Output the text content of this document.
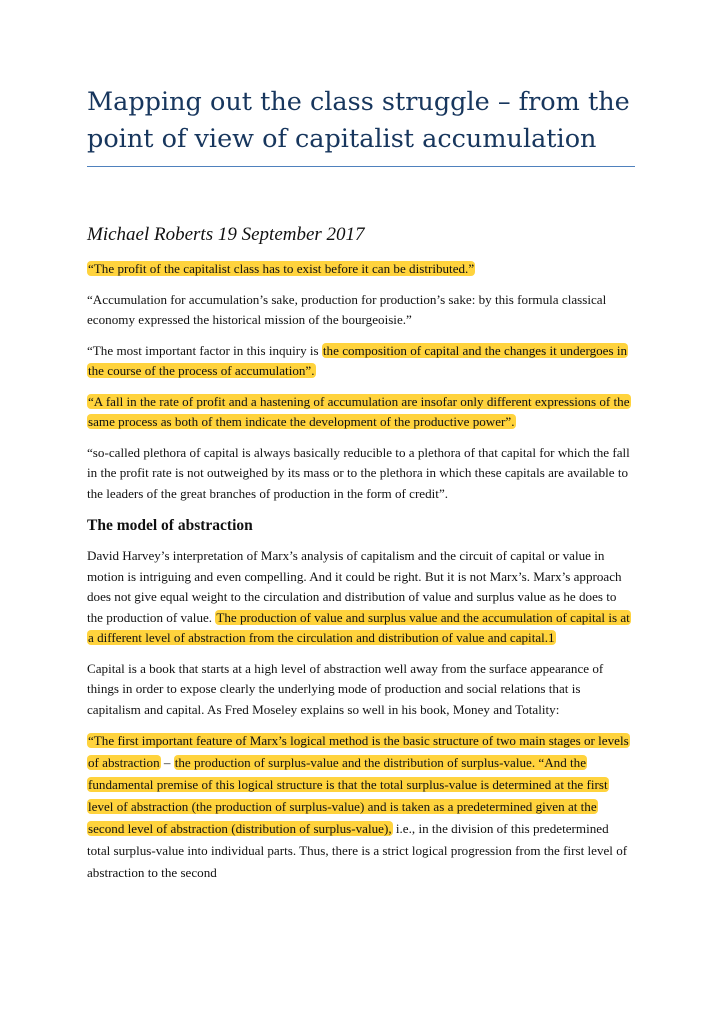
Mapping out the class struggle – from the point of view of capitalist accumulation
Michael Roberts 19 September 2017

“The profit of the capitalist class has to exist before it can be distributed.”

“Accumulation for accumulation’s sake, production for production’s sake: by this formula classical economy expressed the historical mission of the bourgeoisie.”

“The most important factor in this inquiry is the composition of capital and the changes it undergoes in the course of the process of accumulation”.

“A fall in the rate of profit and a hastening of accumulation are insofar only different expressions of the same process as both of them indicate the development of the productive power”.

“so-called plethora of capital is always basically reducible to a plethora of that capital for which the fall in the profit rate is not outweighed by its mass or to the plethora in which these capitals are available to the leaders of the great branches of production in the form of credit”.

The model of abstraction

David Harvey’s interpretation of Marx’s analysis of capitalism and the circuit of capital or value in motion is intriguing and even compelling. And it could be right. But it is not Marx’s. Marx’s approach does not give equal weight to the circulation and distribution of value and surplus value as he does to the production of value. The production of value and surplus value and the accumulation of capital is at a different level of abstraction from the circulation and distribution of value and capital.1

Capital is a book that starts at a high level of abstraction well away from the surface appearance of things in order to expose clearly the underlying mode of production and social relations that is capitalism and capital. As Fred Moseley explains so well in his book, Money and Totality:

“The first important feature of Marx’s logical method is the basic structure of two main stages or levels of abstraction – the production of surplus-value and the distribution of surplus-value. “And the fundamental premise of this logical structure is that the total surplus-value is determined at the first level of abstraction (the production of surplus-value) and is taken as a predetermined given at the second level of abstraction (distribution of surplus-value), i.e., in the division of this predetermined total surplus-value into individual parts. Thus, there is a strict logical progression from the first level of abstraction to the second
